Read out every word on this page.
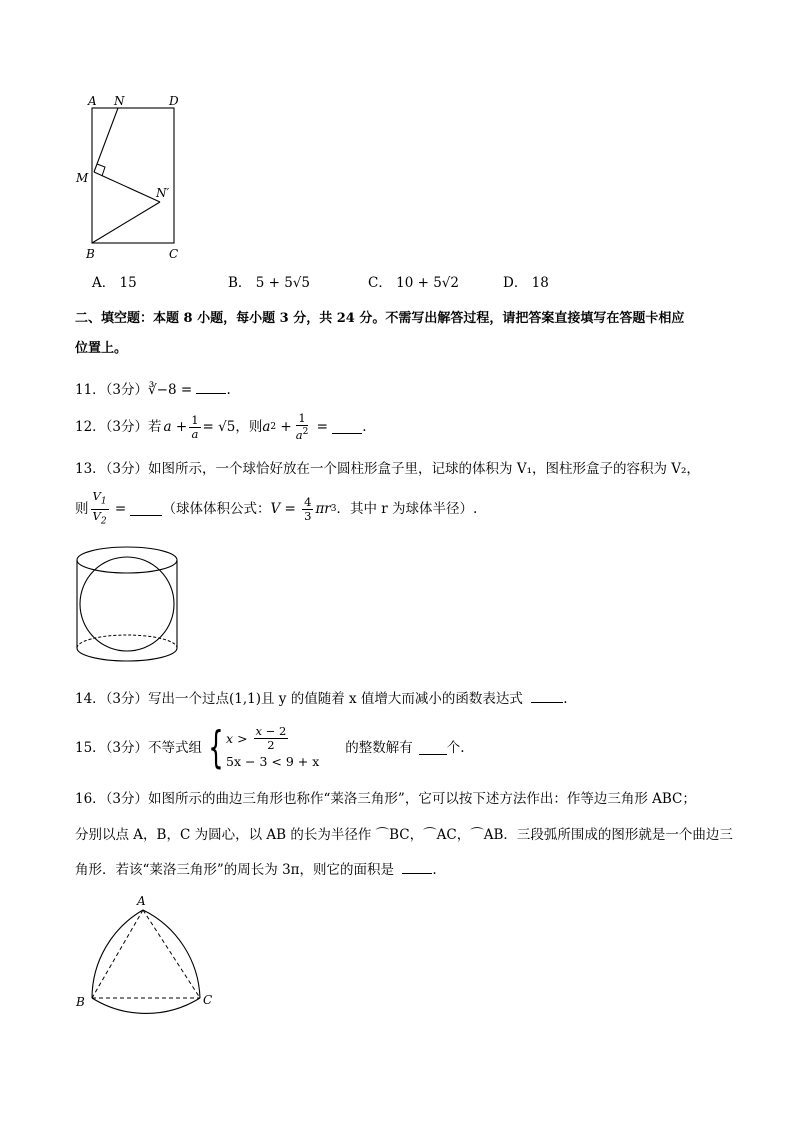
A N	D
M
N′
B	C
A． 15	B． 5 + 5√5	C． 10 + 5√2	D． 18
二、填空题：本题 8 小题，每小题 3 分，共 24 分。不需写出解答过程，请把答案直接填写在答题卡相应
位置上。
11．（3分）∛−8 =	.
12．（3分） 若 $a + \frac{1}{a} = √5$ ，则 a $2 + \frac{1}{a^2}$ = .
13．（3分）如图所示，一个球恰好放在一个圆柱形盒子里，记球的体积为 V₁，图柱形盒子的容积为 V₂，
则 $\frac{V_1}{V_2}$ = （球体体积公式： $V = \frac{4}{3}$ πr 3 ．其中 r 为球体半径）.
14．（3分）写出一个过点(1,1)且 y 的值随着 x 值增大而减小的函数表达式	.
15．（3分） 不等式组 { $x > \frac{x - 2}{2}$
5x − 3 < 9 + x
的整数解有	个.
16．（3分）如图所示的曲边三角形也称作“莱洛三角形”，它可以按下述方法作出：作等边三角形 ABC；
分别以点 A，B，C 为圆心，以 AB 的长为半径作 ⌒BC，⌒AC，⌒AB．三段弧所围成的图形就是一个曲边三
角形．若该“莱洛三角形”的周长为 3π，则它的面积是	.
A
B	C
